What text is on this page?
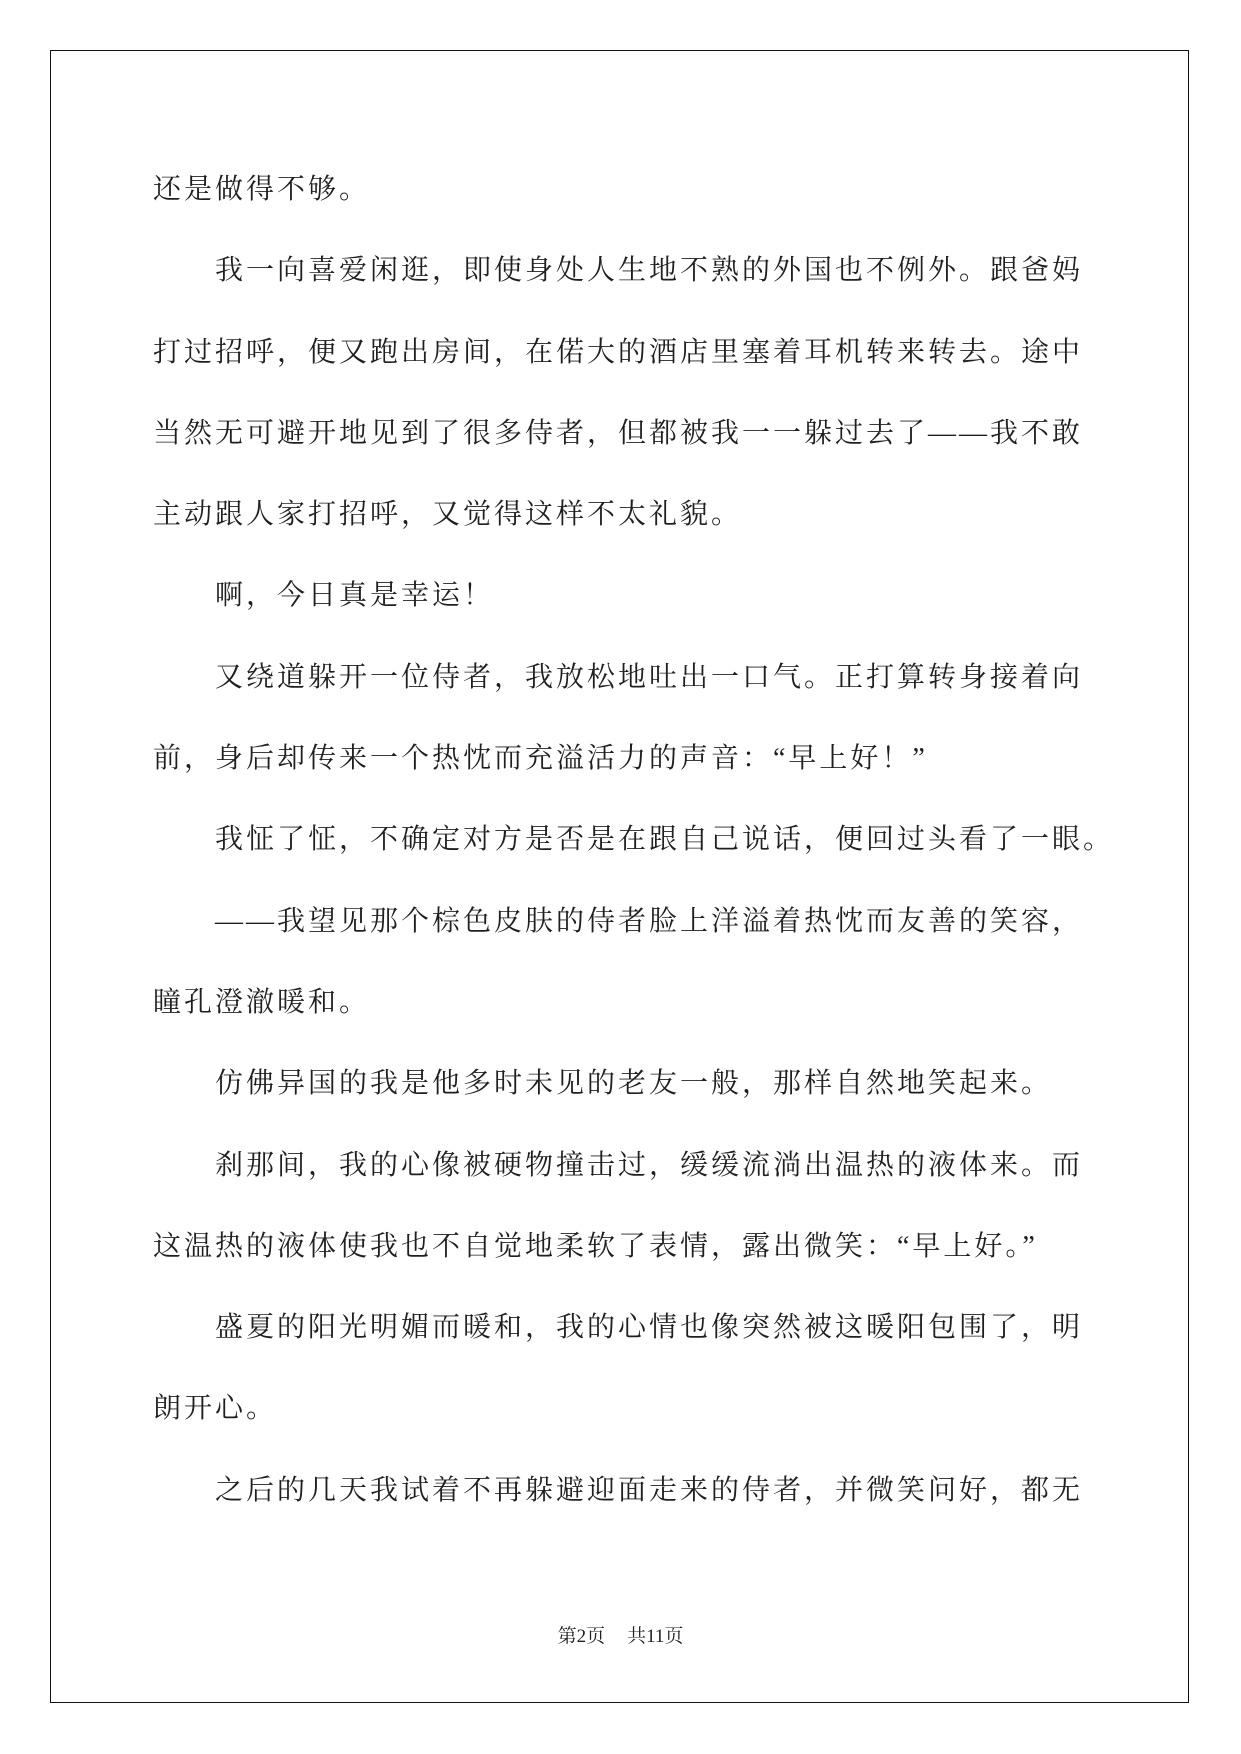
还是做得不够。
我一向喜爱闲逛，即使身处人生地不熟的外国也不例外。跟爸妈
打过招呼，便又跑出房间，在偌大的酒店里塞着耳机转来转去。途中
当然无可避开地见到了很多侍者，但都被我一一躲过去了——我不敢
主动跟人家打招呼，又觉得这样不太礼貌。
啊，今日真是幸运！
又绕道躲开一位侍者，我放松地吐出一口气。正打算转身接着向
前，身后却传来一个热忱而充溢活力的声音：“早上好！”
我怔了怔，不确定对方是否是在跟自己说话，便回过头看了一眼。
——我望见那个棕色皮肤的侍者脸上洋溢着热忱而友善的笑容，
瞳孔澄澈暖和。
仿佛异国的我是他多时未见的老友一般，那样自然地笑起来。
刹那间，我的心像被硬物撞击过，缓缓流淌出温热的液体来。而
这温热的液体使我也不自觉地柔软了表情，露出微笑：“早上好。”
盛夏的阳光明媚而暖和，我的心情也像突然被这暖阳包围了，明
朗开心。
之后的几天我试着不再躲避迎面走来的侍者，并微笑问好，都无
第2页 共11页
